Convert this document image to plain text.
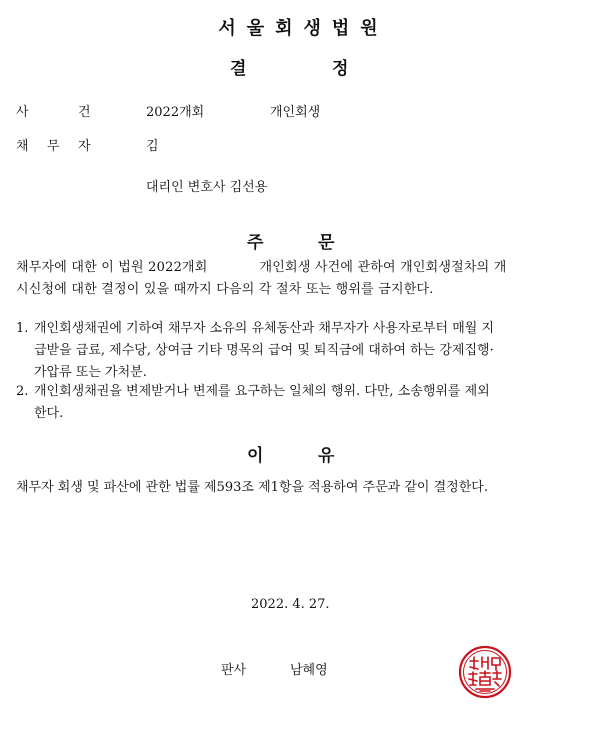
서울회생법원
결	정
사	건	2022개회	개인회생
채 무 자	김
대리인 변호사 김선용
주	문
채무자에 대한 이 법원 2022개회            개인회생 사건에 관하여 개인회생절차의 개
시신청에 대한 결정이 있을 때까지 다음의 각 절차 또는 행위를 금지한다.
1. 개인회생채권에 기하여 채무자 소유의 유체동산과 채무자가 사용자로부터 매월 지
급받을 급료, 제수당, 상여금 기타 명목의 급여 및 퇴직금에 대하여 하는 강제집행·
가압류 또는 가처분.
2. 개인회생채권을 변제받거나 변제를 요구하는 일체의 행위. 다만, 소송행위를 제외
한다.
이	유
채무자 회생 및 파산에 관한 법률 제593조 제1항을 적용하여 주문과 같이 결정한다.
2022. 4. 27.
판사	남혜영
